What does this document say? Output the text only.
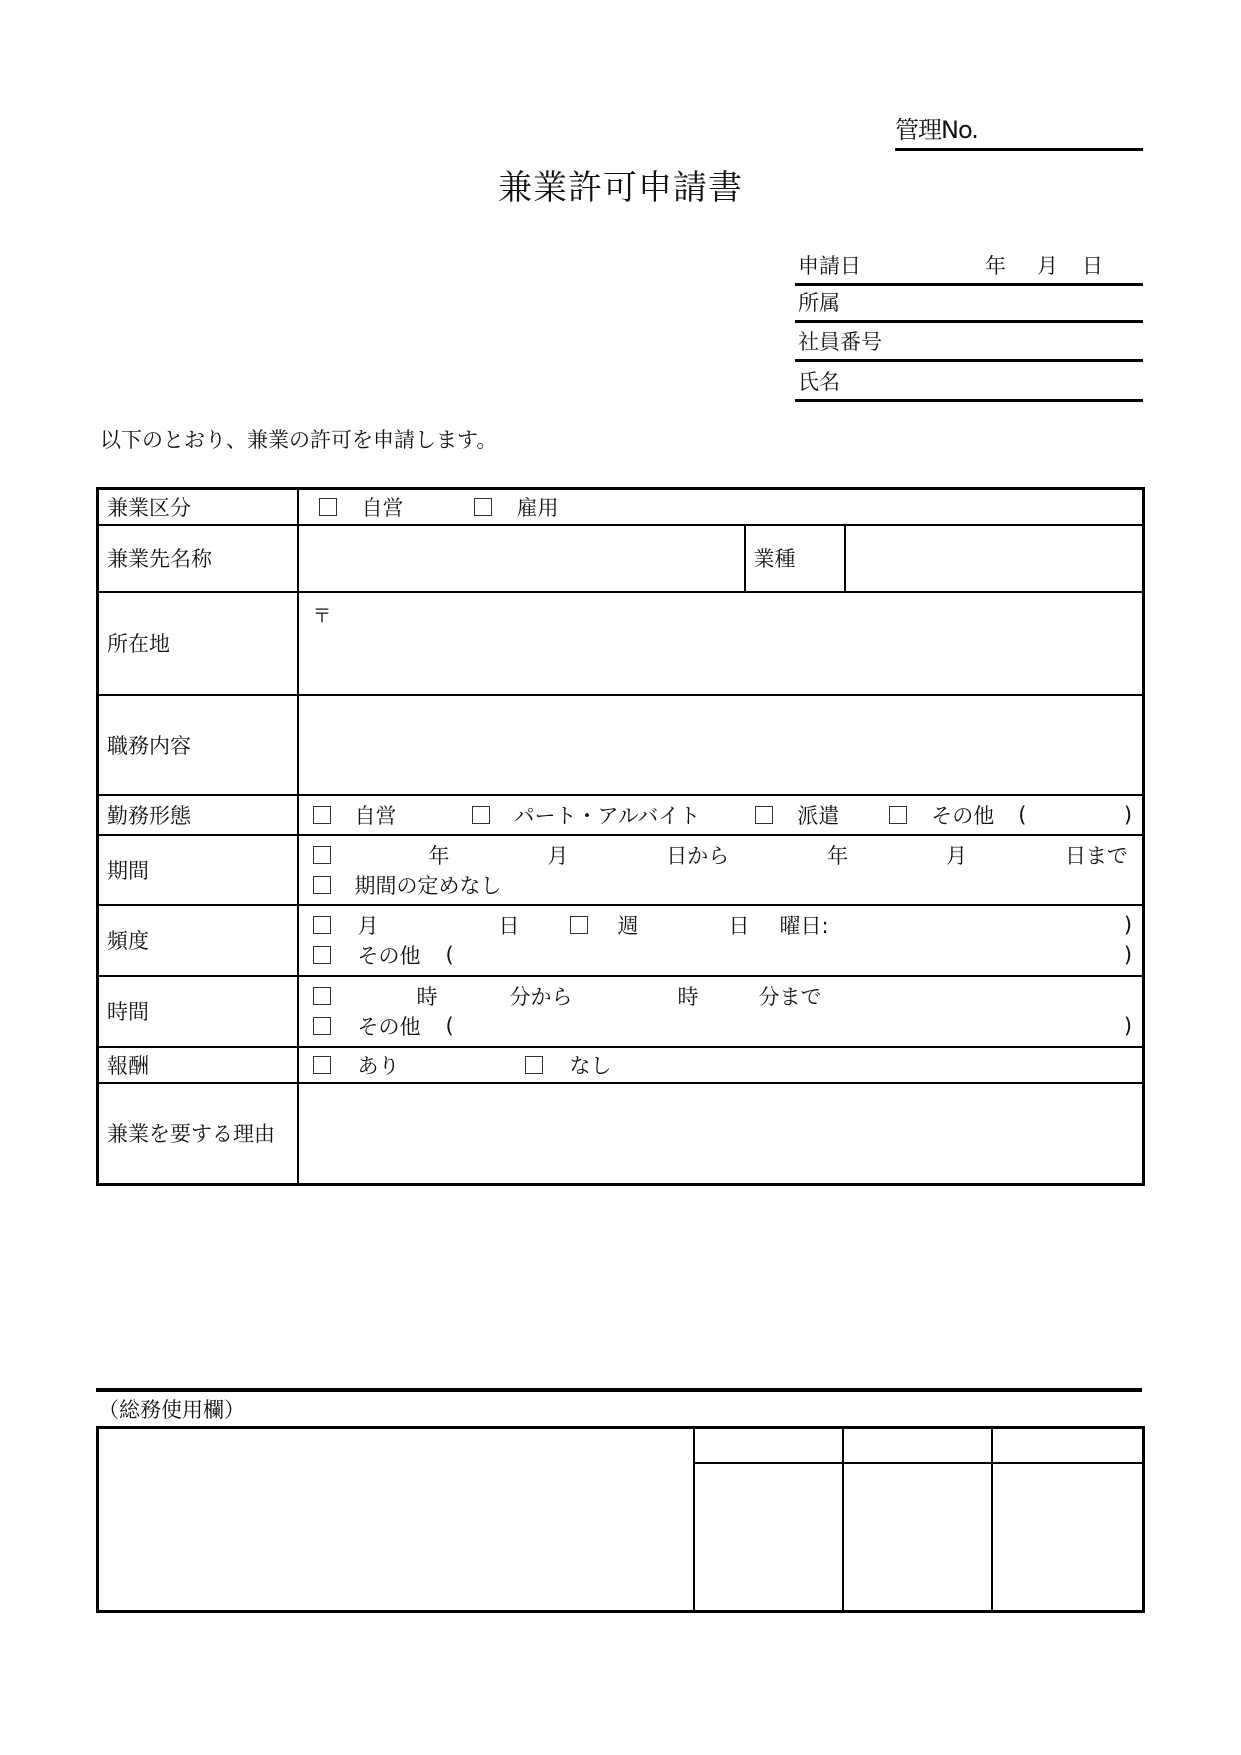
管理No.
兼業許可申請書
申請日	年 月 日
所属
社員番号
氏名
以下のとおり、兼業の許可を申請します。
兼業区分	自営 雇用		

兼業先名称		業種	
所在地	〒		

職務内容			
勤務形態	自営	パート・アルバイト	派遣	その他 (	)

期間	
年	月	日から	年	月	日まで
期間の定めなし

頻度	
月	日	週	日 曜日:	)
その他 (	)

時間	
時	分から	時	分まで
その他 (	)

報酬	あり なし		

兼業を要する理由			
（総務使用欄）
